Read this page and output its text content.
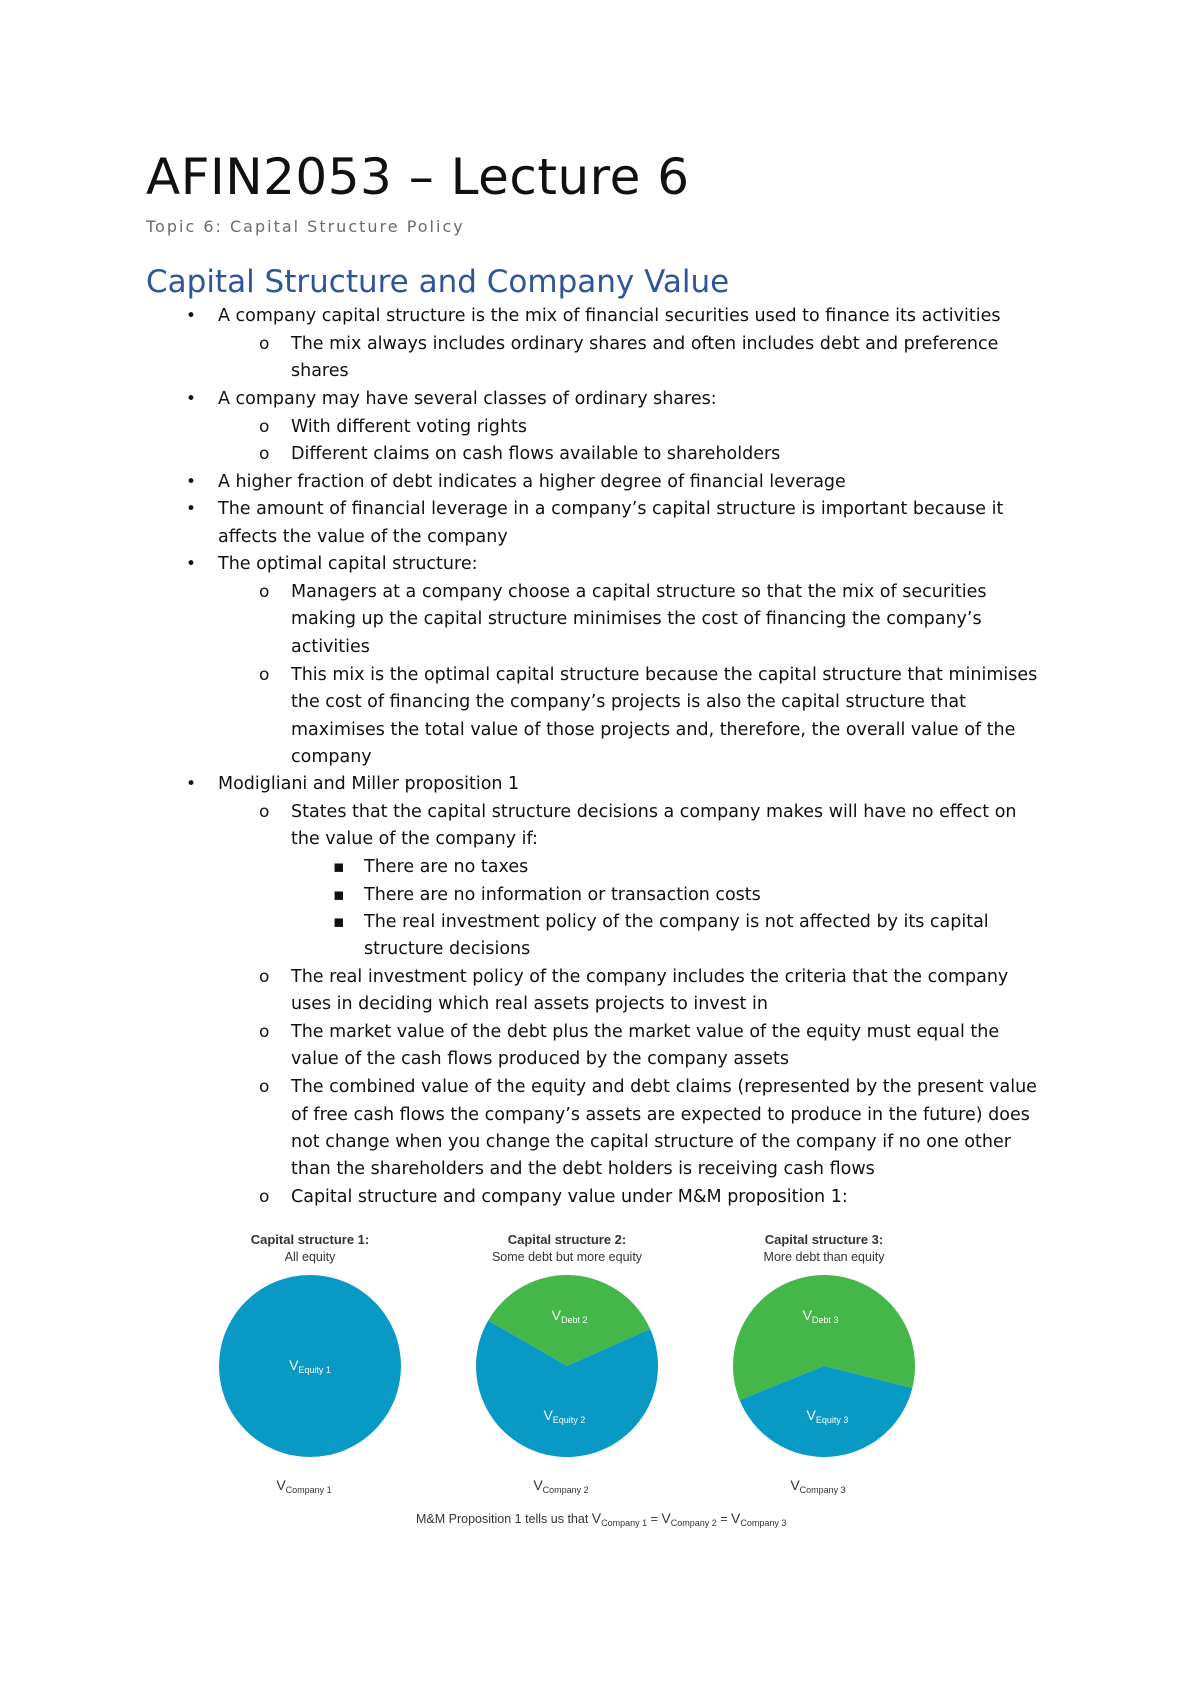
AFIN2053 – Lecture 6

Topic 6: Capital Structure Policy

Capital Structure and Company Value
•
o
•
o
o
•
•
•
o
o
•
o
▪
▪
▪
o
o
o
o
A company capital structure is the mix of financial securities used to finance its activities
The mix always includes ordinary shares and often includes debt and preference
shares
A company may have several classes of ordinary shares:
With different voting rights
Different claims on cash flows available to shareholders
A higher fraction of debt indicates a higher degree of financial leverage
The amount of financial leverage in a company’s capital structure is important because it
affects the value of the company
The optimal capital structure:
Managers at a company choose a capital structure so that the mix of securities
making up the capital structure minimises the cost of financing the company’s
activities
This mix is the optimal capital structure because the capital structure that minimises
the cost of financing the company’s projects is also the capital structure that
maximises the total value of those projects and, therefore, the overall value of the
company
Modigliani and Miller proposition 1
States that the capital structure decisions a company makes will have no effect on
the value of the company if:
There are no taxes
There are no information or transaction costs
The real investment policy of the company is not affected by its capital
structure decisions
The real investment policy of the company includes the criteria that the company
uses in deciding which real assets projects to invest in
The market value of the debt plus the market value of the equity must equal the
value of the cash flows produced by the company assets
The combined value of the equity and debt claims (represented by the present value
of free cash flows the company’s assets are expected to produce in the future) does
not change when you change the capital structure of the company if no one other
than the shareholders and the debt holders is receiving cash flows
Capital structure and company value under M&M proposition 1:
Capital structure 1:
All equity
$V_{Equity 1}$
$V_{Company 1}$
Capital structure 2:
Some debt but more equity
$V_{Debt 2}$
$V_{Equity 2}$
$V_{Company 2}$
Capital structure 3:
More debt than equity
$V_{Debt 3}$
$V_{Equity 3}$
$V_{Company 3}$
M&M Proposition 1 tells us that $V_{Company 1} = V_{Company 2} = V_{Company 3}$
